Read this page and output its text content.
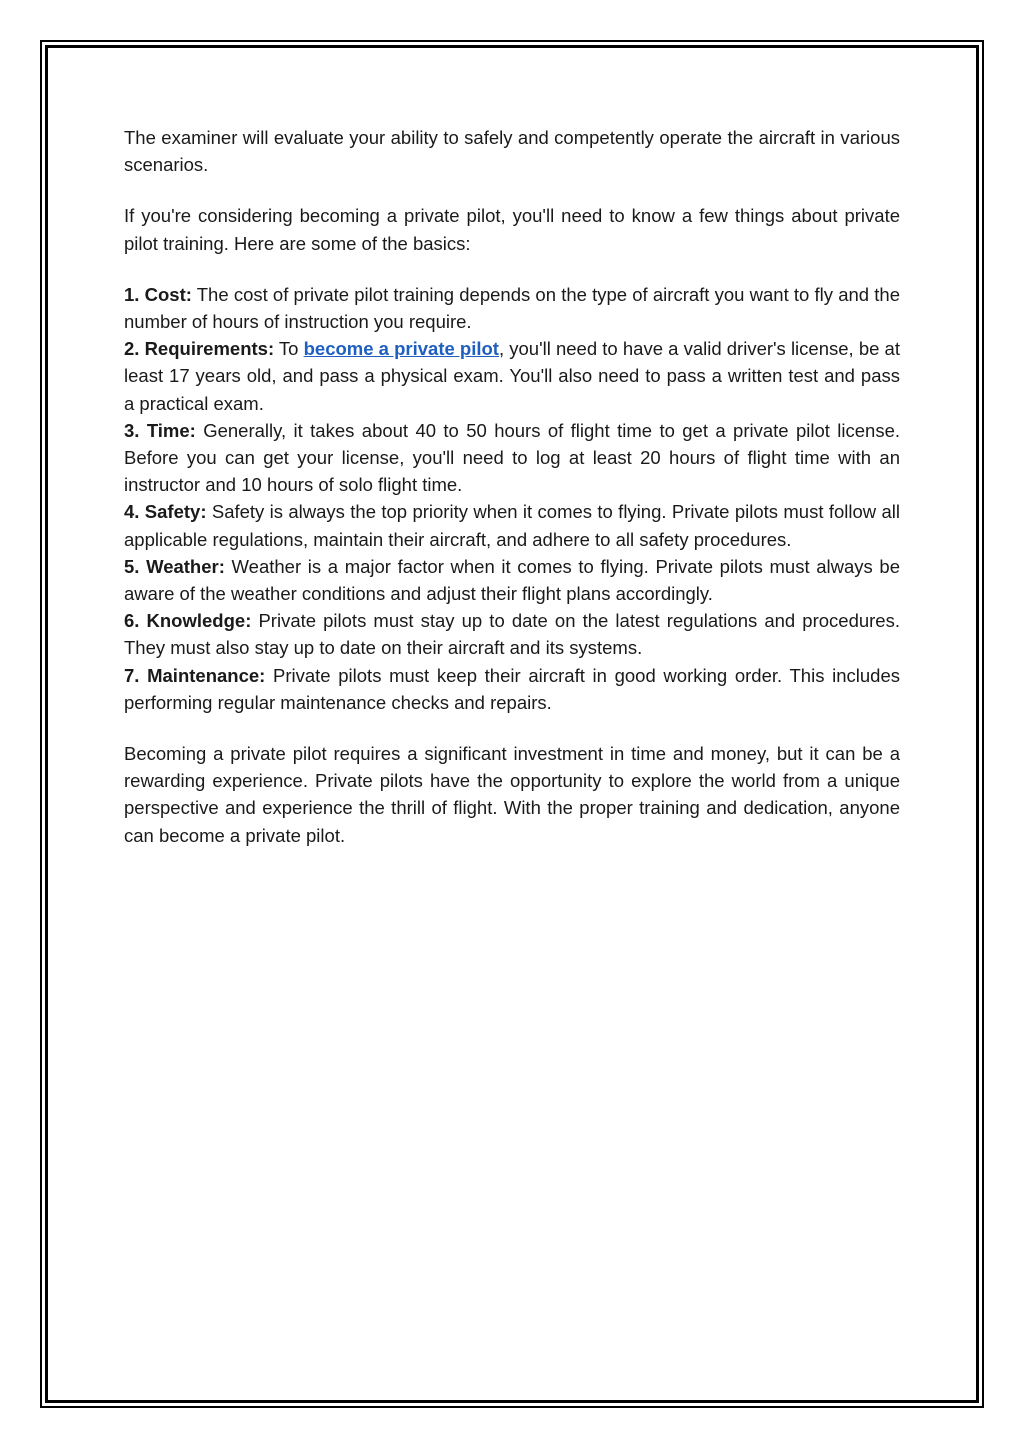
The examiner will evaluate your ability to safely and competently operate the aircraft in various scenarios.

If you're considering becoming a private pilot, you'll need to know a few things about private pilot training. Here are some of the basics:

1. Cost: The cost of private pilot training depends on the type of aircraft you want to fly and the number of hours of instruction you require.

2. Requirements: To become a private pilot, you'll need to have a valid driver's license, be at least 17 years old, and pass a physical exam. You'll also need to pass a written test and pass a practical exam.

3. Time: Generally, it takes about 40 to 50 hours of flight time to get a private pilot license. Before you can get your license, you'll need to log at least 20 hours of flight time with an instructor and 10 hours of solo flight time.

4. Safety: Safety is always the top priority when it comes to flying. Private pilots must follow all applicable regulations, maintain their aircraft, and adhere to all safety procedures.

5. Weather: Weather is a major factor when it comes to flying. Private pilots must always be aware of the weather conditions and adjust their flight plans accordingly.

6. Knowledge: Private pilots must stay up to date on the latest regulations and procedures. They must also stay up to date on their aircraft and its systems.

7. Maintenance: Private pilots must keep their aircraft in good working order. This includes performing regular maintenance checks and repairs.

Becoming a private pilot requires a significant investment in time and money, but it can be a rewarding experience. Private pilots have the opportunity to explore the world from a unique perspective and experience the thrill of flight. With the proper training and dedication, anyone can become a private pilot.
